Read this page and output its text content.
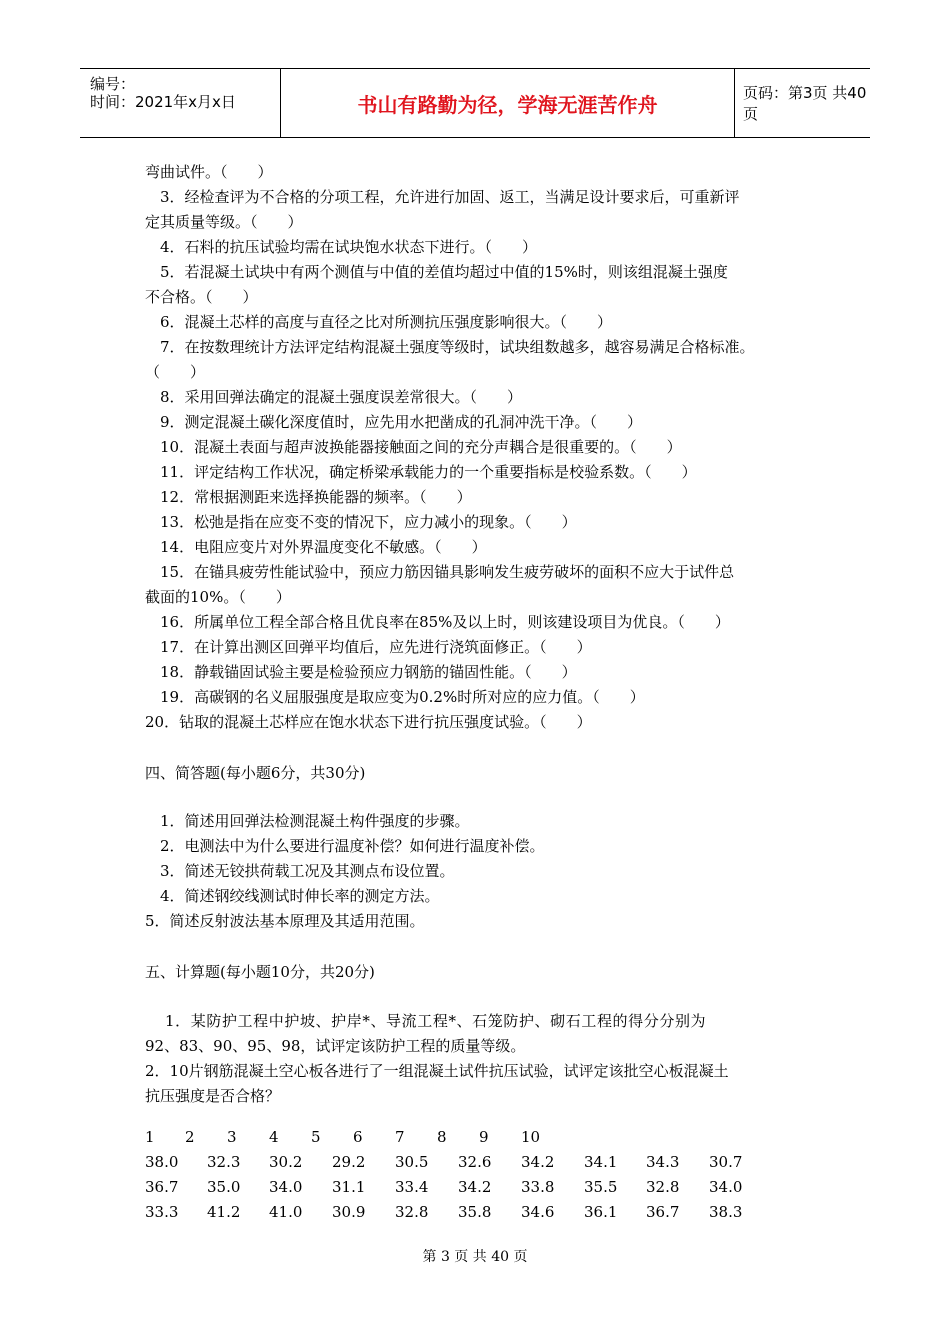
编号：
时间：2021年x月x日	书山有路勤为径，学海无涯苦作舟	页码：第3页 共40页
弯曲试件。（　　）
3．经检查评为不合格的分项工程，允许进行加固、返工，当满足设计要求后，可重新评
定其质量等级。（　　）
4．石料的抗压试验均需在试块饱水状态下进行。（　　）
5．若混凝土试块中有两个测值与中值的差值均超过中值的15%时，则该组混凝土强度
不合格。（　　）
6．混凝土芯样的高度与直径之比对所测抗压强度影响很大。（　　）
7．在按数理统计方法评定结构混凝土强度等级时，试块组数越多，越容易满足合格标准。
（　　）
8．采用回弹法确定的混凝土强度误差常很大。（　　）
9．测定混凝土碳化深度值时，应先用水把凿成的孔洞冲洗干净。（　　）
10．混凝土表面与超声波换能器接触面之间的充分声耦合是很重要的。（　　）
11．评定结构工作状况，确定桥梁承载能力的一个重要指标是校验系数。（　　）
12．常根据测距来选择换能器的频率。（　　）
13．松弛是指在应变不变的情况下，应力减小的现象。（　　）
14．电阻应变片对外界温度变化不敏感。（　　）
15．在锚具疲劳性能试验中，预应力筋因锚具影响发生疲劳破坏的面积不应大于试件总
截面的10%。（　　）
16．所属单位工程全部合格且优良率在85%及以上时，则该建设项目为优良。（　　）
17．在计算出测区回弹平均值后，应先进行浇筑面修正。（　　）
18．静载锚固试验主要是检验预应力钢筋的锚固性能。（　　）
19．高碳钢的名义屈服强度是取应变为0.2%时所对应的应力值。（　　）
20．钻取的混凝土芯样应在饱水状态下进行抗压强度试验。（　　）
四、简答题(每小题6分，共30分)
1．简述用回弹法检测混凝土构件强度的步骤。
2．电测法中为什么要进行温度补偿？如何进行温度补偿。
3．简述无铰拱荷载工况及其测点布设位置。
4．简述钢绞线测试时伸长率的测定方法。
5．简述反射波法基本原理及其适用范围。
五、计算题(每小题10分，共20分)
1．某防护工程中护坡、护岸*、导流工程*、石笼防护、砌石工程的得分分别为
92、83、90、95、98，试评定该防护工程的质量等级。
2．10片钢筋混凝土空心板各进行了一组混凝土试件抗压试验，试评定该批空心板混凝土
抗压强度是否合格？
1 2 3 4 5 6 7 8 9 10
38.0 32.3 30.2 29.2 30.5 32.6 34.2 34.1 34.3 30.7
36.7 35.0 34.0 31.1 33.4 34.2 33.8 35.5 32.8 34.0
33.3 41.2 41.0 30.9 32.8 35.8 34.6 36.1 36.7 38.3
第 3 页 共 40 页
